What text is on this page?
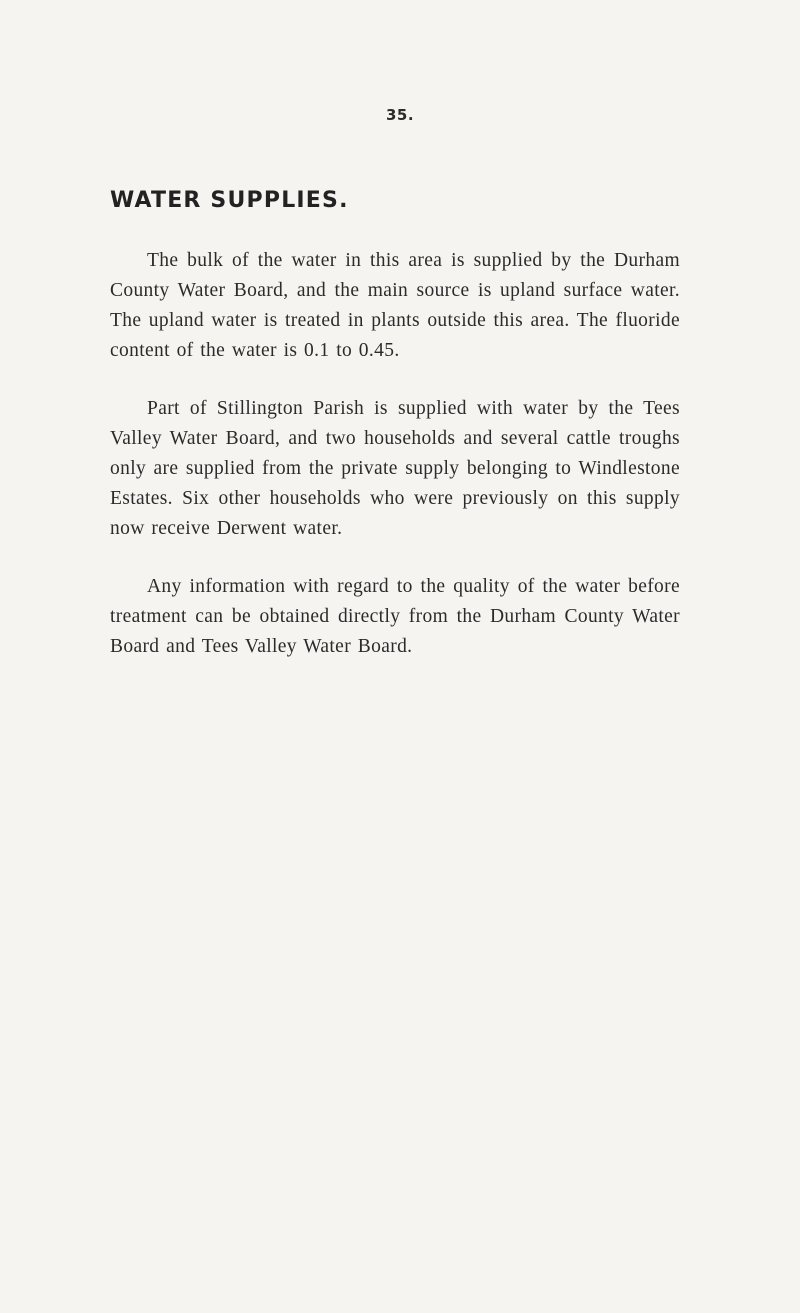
35.
WATER SUPPLIES.

The bulk of the water in this area is supplied by the Durham County Water Board, and the main source is upland surface water. The upland water is treated in plants outside this area. The fluoride content of the water is 0.1 to 0.45.

Part of Stillington Parish is supplied with water by the Tees Valley Water Board, and two households and several cattle troughs only are supplied from the private supply belonging to Windlestone Estates. Six other households who were previously on this supply now receive Derwent water.

Any information with regard to the quality of the water before treatment can be obtained directly from the Durham County Water Board and Tees Valley Water Board.
